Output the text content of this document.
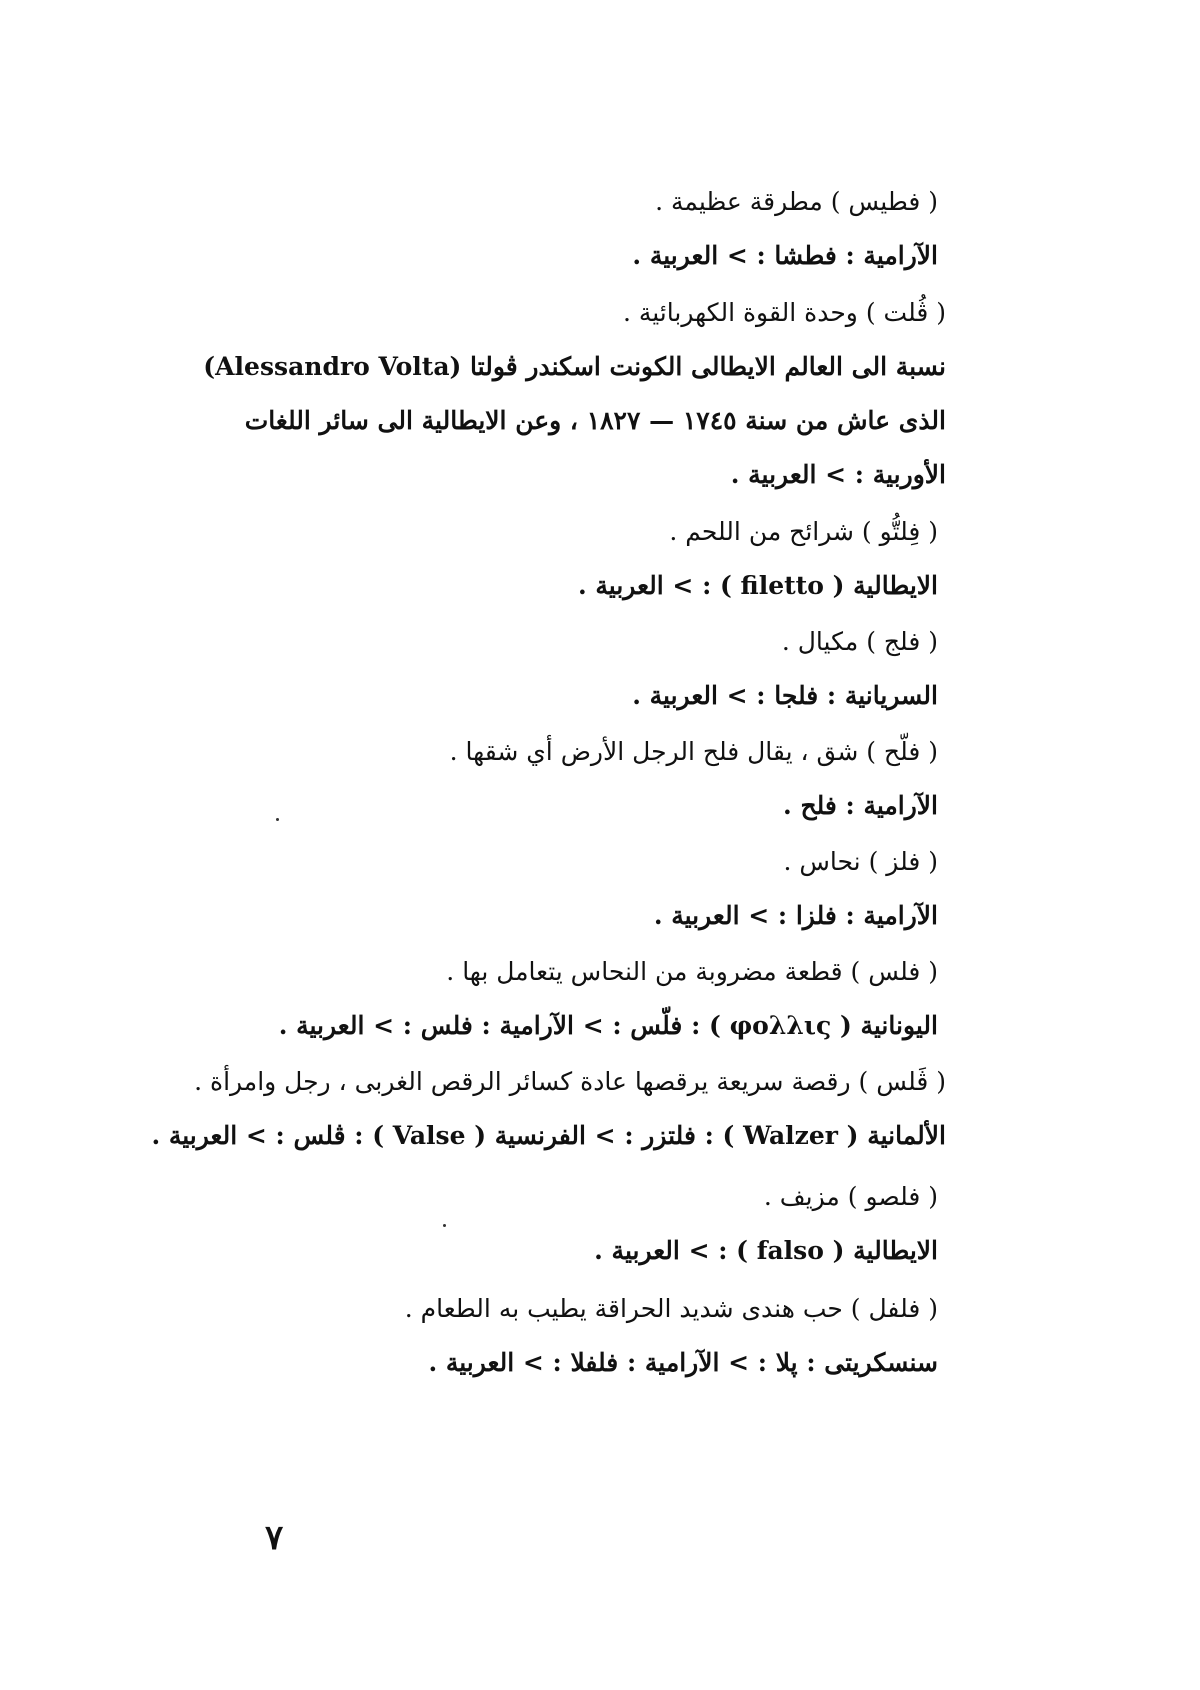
( فطيس ) مطرقة عظيمة .
الآرامية : فطشا : > العربية .
( ڤُلت ) وحدة القوة الكهربائية .
نسبة الى العالم الايطالى الكونت اسكندر ڤولتا (Alessandro Volta)
الذى عاش من سنة ١٧٤٥ — ١٨٢٧ ، وعن الايطالية الى سائر اللغات
الأوربية : > العربية .
( فِلتُّو ) شرائح من اللحم .
الايطالية ( filetto ) : > العربية .
( فلج ) مكيال .
السريانية : فلجا : > العربية .
( فلّح ) شق ، يقال فلح الرجل الأرض أي شقها .
الآرامية : فلح .
( فلز ) نحاس .
الآرامية : فلزا : > العربية .
( فلس ) قطعة مضروبة من النحاس يتعامل بها .
اليونانية ( φολλις ) : فلّس : > الآرامية : فلس : > العربية .
( ڤَلس ) رقصة سريعة يرقصها عادة كسائر الرقص الغربى ، رجل وامرأة .
الألمانية ( Walzer ) : فلتزر : > الفرنسية ( Valse ) : ڤلس : > العربية .
( فلصو ) مزيف .
الايطالية ( falso ) : > العربية .
( فلفل ) حب هندى شديد الحراقة يطيب به الطعام .
سنسكريتى : پلا : > الآرامية : فلفلا : > العربية .
٧
